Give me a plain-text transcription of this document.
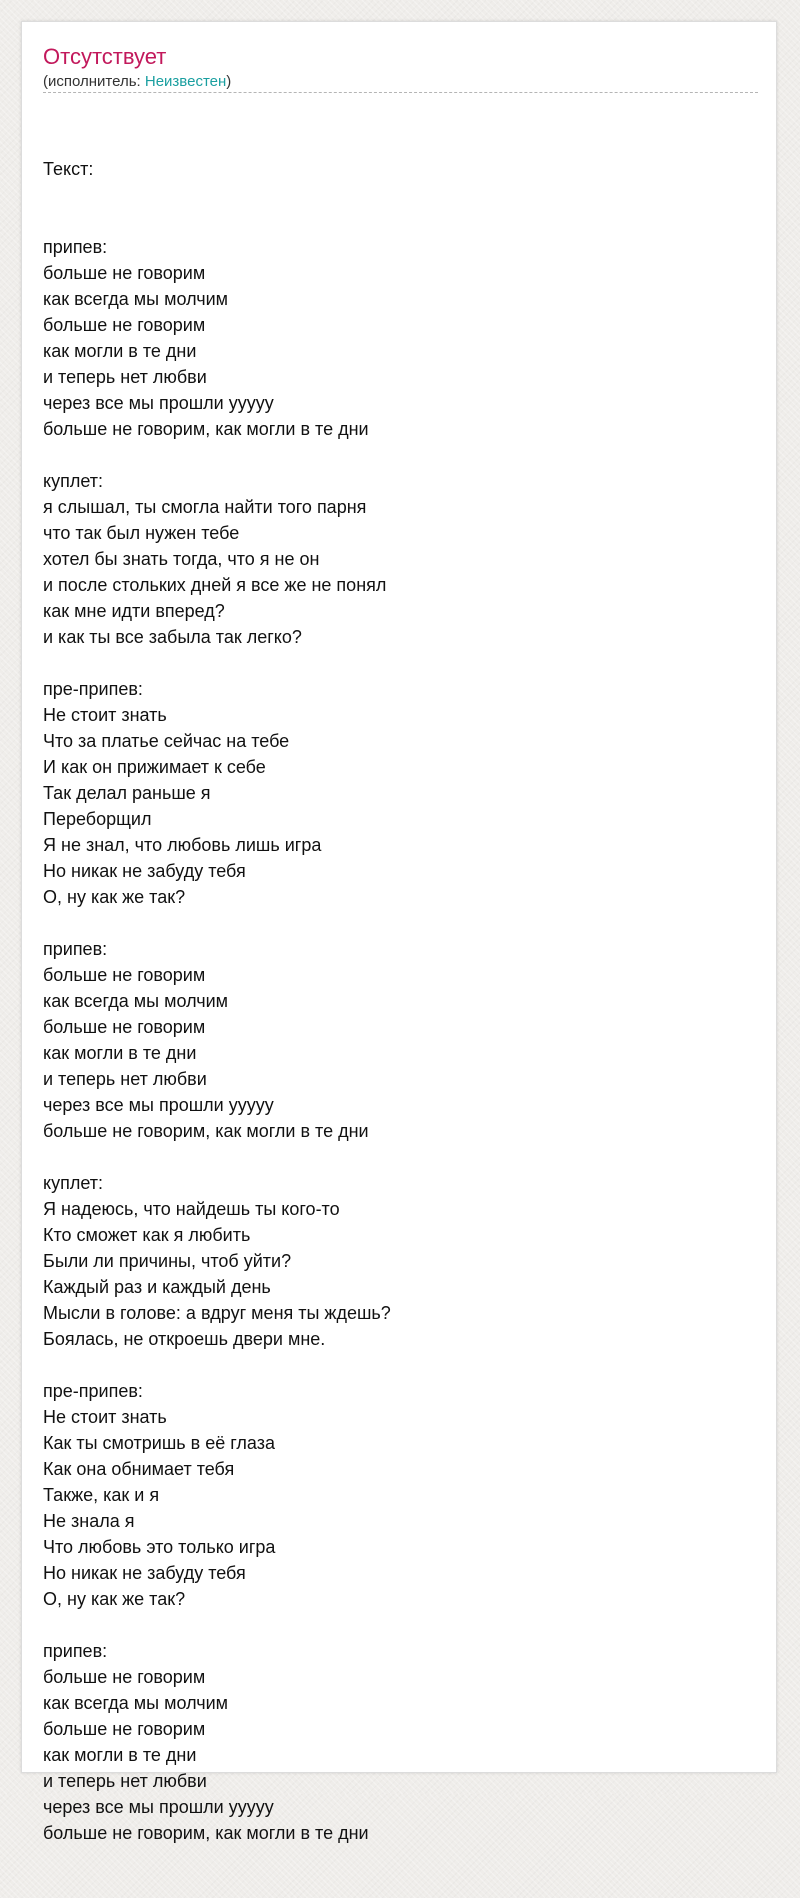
Отсутствует
(исполнитель: Неизвестен)

Текст:

припев:
больше не говорим
как всегда мы молчим
больше не говорим
как могли в те дни
и теперь нет любви
через все мы прошли ууууу
больше не говорим, как могли в те дни
куплет:
я слышал, ты смогла найти того парня
что так был нужен тебе
хотел бы знать тогда, что я не он
и после стольких дней я все же не понял
как мне идти вперед?
и как ты все забыла так легко?
пре-припев:
Не стоит знать
Что за платье сейчас на тебе
И как он прижимает к себе
Так делал раньше я
Переборщил
Я не знал, что любовь лишь игра
Но никак не забуду тебя
О, ну как же так?
припев:
больше не говорим
как всегда мы молчим
больше не говорим
как могли в те дни
и теперь нет любви
через все мы прошли ууууу
больше не говорим, как могли в те дни
куплет:
Я надеюсь, что найдешь ты кого-то
Кто сможет как я любить
Были ли причины, чтоб уйти?
Каждый раз и каждый день
Мысли в голове: а вдруг меня ты ждешь?
Боялась, не откроешь двери мне.
пре-припев:
Не стоит знать
Как ты смотришь в её глаза
Как она обнимает тебя
Также, как и я
Не знала я
Что любовь это только игра
Но никак не забуду тебя
О, ну как же так?
припев:
больше не говорим
как всегда мы молчим
больше не говорим
как могли в те дни
и теперь нет любви
через все мы прошли ууууу
больше не говорим, как могли в те дни
